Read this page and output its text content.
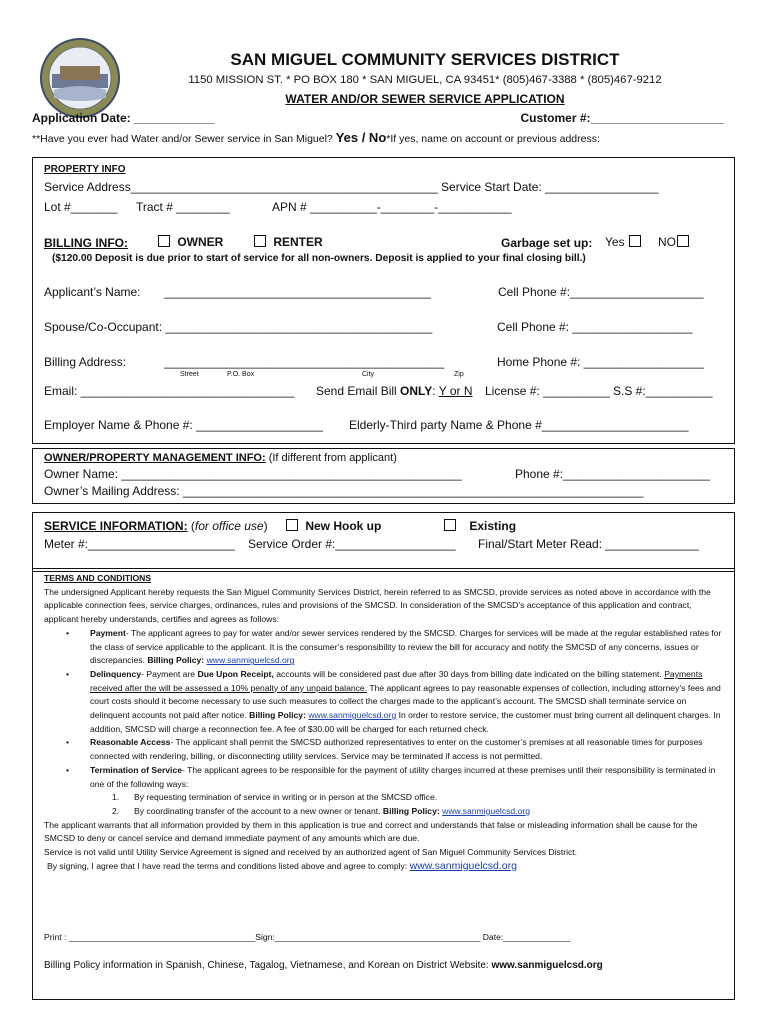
SAN MIGUEL COMMUNITY SERVICES DISTRICT
1150 MISSION ST. * PO BOX 180 * SAN MIGUEL, CA 93451* (805)467-3388 * (805)467-9212
WATER AND/OR SEWER SERVICE APPLICATION
Application Date: ____________	Customer #:____________________
**Have you ever had Water and/or Sewer service in San Miguel? Yes / No*If yes, name on account or previous address:
PROPERTY INFO
Service Address______________________________________________ Service Start Date: _________________
Lot #_______ Tract # ________	APN # __________-________-___________
BILLING INFO:	OWNER	RENTER	Garbage set up: Yes	NO
($120.00 Deposit is due prior to start of service for all non-owners. Deposit is applied to your final closing bill.)
Applicant’s Name: ________________________________________	Cell Phone #:____________________
Spouse/Co-Occupant: ________________________________________	Cell Phone #: __________________
Billing Address:	__________________________________________	Home Phone #: __________________
Street	P.O. Box	City	Zip
Email: ________________________________ Send Email Bill ONLY: Y or N License #: __________ S.S #:__________
Employer Name & Phone #: ___________________ Elderly-Third party Name & Phone #______________________
OWNER/PROPERTY MANAGEMENT INFO: (If different from applicant)
Owner Name: ___________________________________________________	Phone #:______________________
Owner’s Mailing Address: _____________________________________________________________________
SERVICE INFORMATION: (for office use)	New Hook up	Existing
Meter #:______________________ Service Order #:__________________ Final/Start Meter Read: ______________

TERMS AND CONDITIONS

The undersigned Applicant hereby requests the San Miguel Community Services District, herein referred to as SMCSD, provide services as noted above in accordance with the applicable connection fees, service charges, ordinances, rules and provisions of the SMCSD. In consideration of the SMCSD’s acceptance of this application and contract, applicant hereby understands, certifies and agrees as follows:

• Payment- The applicant agrees to pay for water and/or sewer services rendered by the SMCSD. Charges for services will be made at the regular established rates for the class of service applicable to the applicant. It is the consumer’s responsibility to review the bill for accuracy and notify the SMCSD of any concerns, issues or discrepancies. Billing Policy: www.sanmiguelcsd.org

• Delinquency- Payment are Due Upon Receipt, accounts will be considered past due after 30 days from billing date indicated on the billing statement. Payments received after the will be assessed a 10% penalty of any unpaid balance. The applicant agrees to pay reasonable expenses of collection, including attorney’s fees and court costs should it become necessary to use such measures to collect the charges made to the applicant’s account. The SMCSD shall terminate service on delinquent accounts not paid after notice. Billing Policy: www.sanmiguelcsd.org In order to restore service, the customer must bring current all delinquent charges. In addition, SMCSD will charge a reconnection fee. A fee of $30.00 will be charged for each returned check.

• Reasonable Access- The applicant shall permit the SMCSD authorized representatives to enter on the customer’s premises at all reasonable times for purposes connected with rendering, billing, or disconnecting utility services. Service may be terminated if access is not permitted.

• Termination of Service- The applicant agrees to be responsible for the payment of utility charges incurred at these premises until their responsibility is terminated in one of the following ways:

1. By requesting termination of service in writing or in person at the SMCSD office.

2. By coordinating transfer of the account to a new owner or tenant. Billing Policy: www.sanmiguelcsd.org

The applicant warrants that all information provided by them in this application is true and correct and understands that false or misleading information shall be cause for the SMCSD to deny or cancel service and demand immediate payment of any amounts which are due.

Service is not valid until Utility Service Agreement is signed and received by an authorized agent of San Miguel Community Services District.

By signing, I agree that I have read the terms and conditions listed above and agree to comply: www.sanmiguelcsd.org

Print : _______________________________________Sign:___________________________________________ Date:______________
Billing Policy information in Spanish, Chinese, Tagalog, Vietnamese, and Korean on District Website: www.sanmiguelcsd.org
